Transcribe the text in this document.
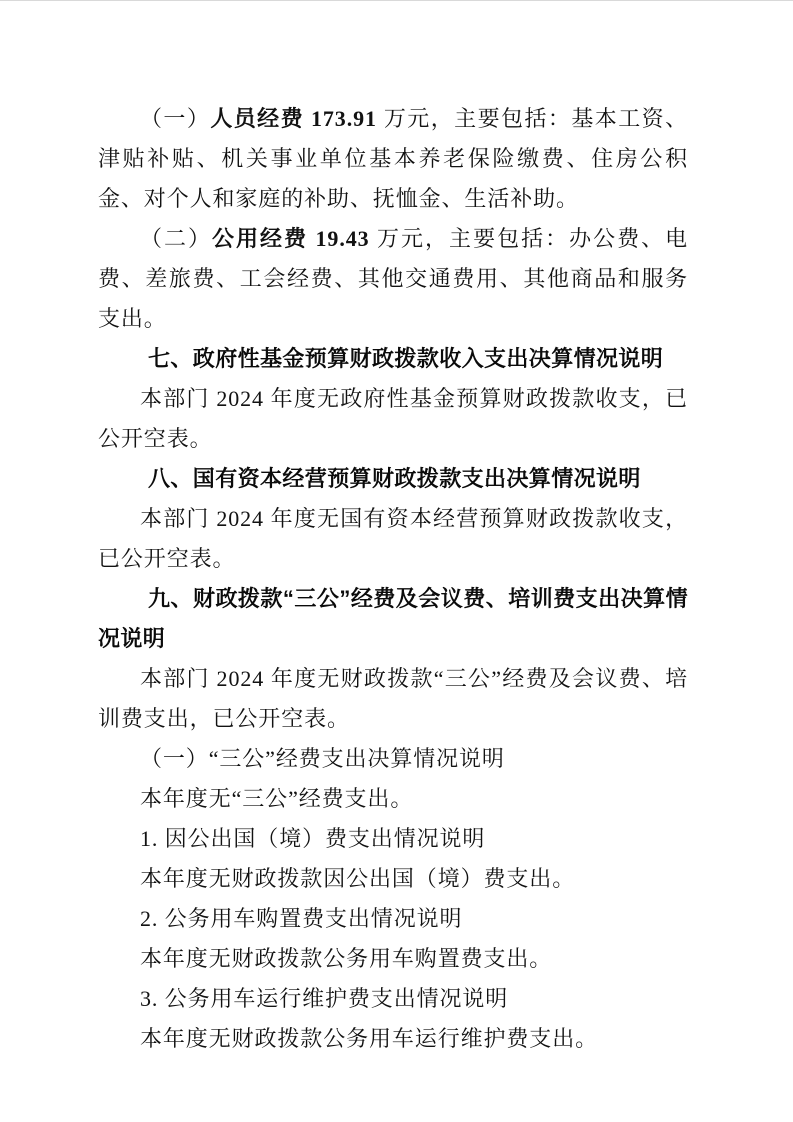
（一）人员经费 173.91 万元，主要包括：基本工资、津贴补贴、机关事业单位基本养老保险缴费、住房公积金、对个人和家庭的补助、抚恤金、生活补助。

（二）公用经费 19.43 万元，主要包括：办公费、电费、差旅费、工会经费、其他交通费用、其他商品和服务支出。

七、政府性基金预算财政拨款收入支出决算情况说明

本部门 2024 年度无政府性基金预算财政拨款收支，已公开空表。

八、国有资本经营预算财政拨款支出决算情况说明

本部门 2024 年度无国有资本经营预算财政拨款收支，已公开空表。

九、财政拨款“三公”经费及会议费、培训费支出决算情况说明

本部门 2024 年度无财政拨款“三公”经费及会议费、培训费支出，已公开空表。

（一）“三公”经费支出决算情况说明

本年度无“三公”经费支出。

1. 因公出国（境）费支出情况说明

本年度无财政拨款因公出国（境）费支出。

2. 公务用车购置费支出情况说明

本年度无财政拨款公务用车购置费支出。

3. 公务用车运行维护费支出情况说明

本年度无财政拨款公务用车运行维护费支出。
